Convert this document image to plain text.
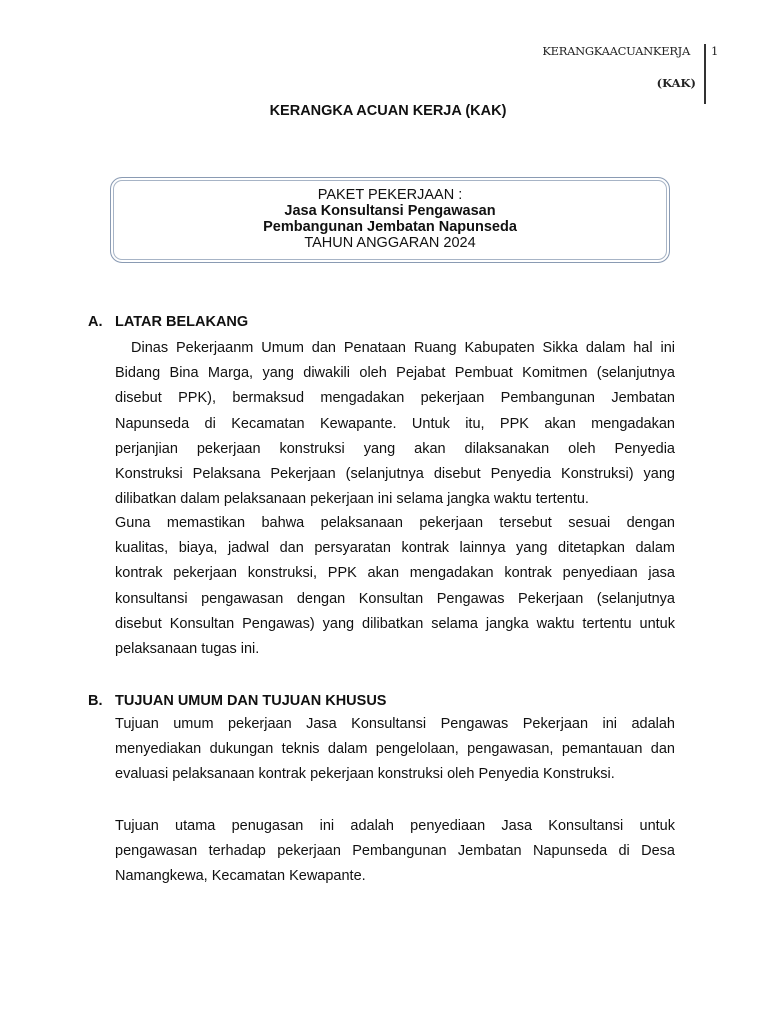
KERANGKAACUANKERJA
(KAK)
1
KERANGKA ACUAN KERJA (KAK)
PAKET PEKERJAAN :
Jasa Konsultansi Pengawasan
Pembangunan Jembatan Napunseda
TAHUN ANGGARAN 2024
A. LATAR BELAKANG
Dinas Pekerjaanm Umum dan Penataan Ruang Kabupaten Sikka dalam hal ini
Bidang Bina Marga, yang diwakili oleh Pejabat Pembuat Komitmen (selanjutnya
disebut PPK), bermaksud mengadakan pekerjaan Pembangunan Jembatan
Napunseda di Kecamatan Kewapante. Untuk itu, PPK akan mengadakan
perjanjian pekerjaan konstruksi yang akan dilaksanakan oleh Penyedia
Konstruksi Pelaksana Pekerjaan (selanjutnya disebut Penyedia Konstruksi) yang
dilibatkan dalam pelaksanaan pekerjaan ini selama jangka waktu tertentu.
Guna memastikan bahwa pelaksanaan pekerjaan tersebut sesuai dengan
kualitas, biaya, jadwal dan persyaratan kontrak lainnya yang ditetapkan dalam
kontrak pekerjaan konstruksi, PPK akan mengadakan kontrak penyediaan jasa
konsultansi pengawasan dengan Konsultan Pengawas Pekerjaan (selanjutnya
disebut Konsultan Pengawas) yang dilibatkan selama jangka waktu tertentu untuk
pelaksanaan tugas ini.
B. TUJUAN UMUM DAN TUJUAN KHUSUS
Tujuan umum pekerjaan Jasa Konsultansi Pengawas Pekerjaan ini adalah
menyediakan dukungan teknis dalam pengelolaan, pengawasan, pemantauan dan
evaluasi pelaksanaan kontrak pekerjaan konstruksi oleh Penyedia Konstruksi.
Tujuan utama penugasan ini adalah penyediaan Jasa Konsultansi untuk
pengawasan terhadap pekerjaan Pembangunan Jembatan Napunseda di Desa
Namangkewa, Kecamatan Kewapante.
